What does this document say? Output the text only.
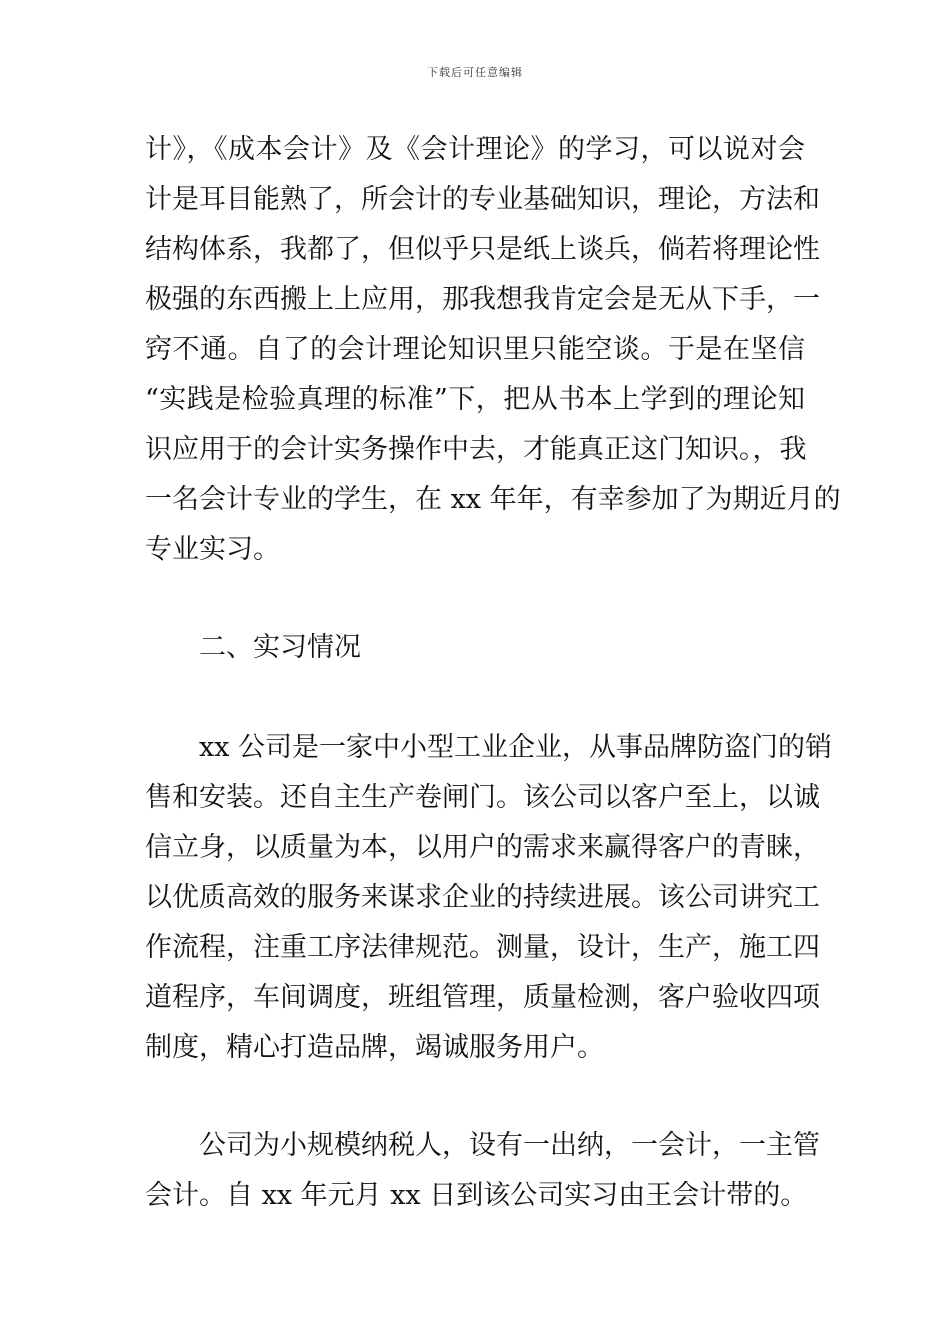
下载后可任意编辑
计》，《成本会计》及《会计理论》的学习，可以说对会
计是耳目能熟了，所会计的专业基础知识，理论，方法和
结构体系，我都了，但似乎只是纸上谈兵，倘若将理论性
极强的东西搬上上应用，那我想我肯定会是无从下手，一
窍不通。自了的会计理论知识里只能空谈。于是在坚信
“实践是检验真理的标准”下，把从书本上学到的理论知
识应用于的会计实务操作中去，才能真正这门知识。，我
一名会计专业的学生，在 xx 年年，有幸参加了为期近月的
专业实习。
二、实习情况
xx 公司是一家中小型工业企业，从事品牌防盗门的销
售和安装。还自主生产卷闸门。该公司以客户至上，以诚
信立身，以质量为本，以用户的需求来赢得客户的青睐，
以优质高效的服务来谋求企业的持续进展。该公司讲究工
作流程，注重工序法律规范。测量，设计，生产，施工四
道程序，车间调度，班组管理，质量检测，客户验收四项
制度，精心打造品牌，竭诚服务用户。
公司为小规模纳税人，设有一出纳，一会计，一主管
会计。自 xx 年元月 xx 日到该公司实习由王会计带的。
